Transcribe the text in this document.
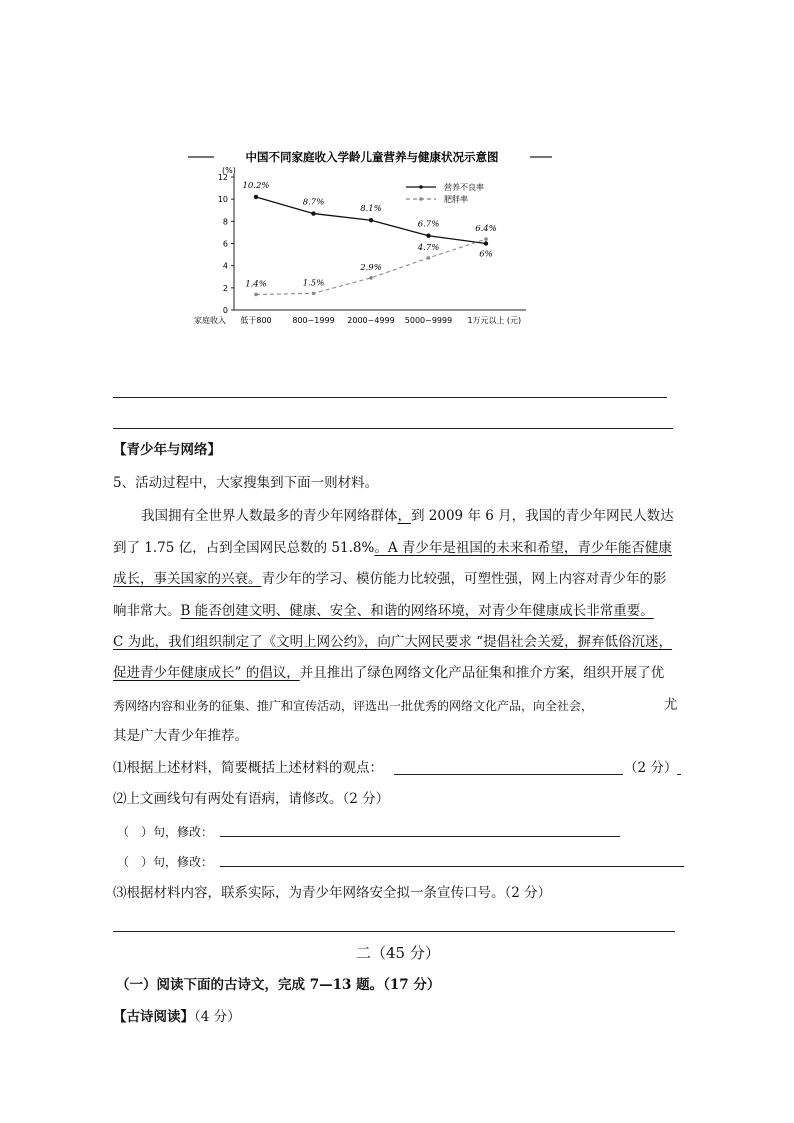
中国不同家庭收入学龄儿童营养与健康状况示意图
(%)
0
2
4
6
8
10
12
家庭收入 低于800	800~1999 2000~4999 5000~9999 1万元以上 (元)
10.2%
8.7%
8.1%
6.7%
6%
1.4%	1.5%
2.9%
4.7%
6.4%
营养不良率
肥胖率
【青少年与网络】
5、活动过程中，大家搜集到下面一则材料。
我国拥有全世界人数最多的青少年网络群体，到 2009 年 6 月，我国的青少年网民人数达
到了 1.75 亿，占到全国网民总数的 51.8%。A 青少年是祖国的未来和希望，青少年能否健康
成长，事关国家的兴衰。青少年的学习、模仿能力比较强，可塑性强，网上内容对青少年的影
响非常大。B 能否创建文明、健康、安全、和谐的网络环境，对青少年健康成长非常重要。
C 为此，我们组织制定了《文明上网公约》，向广大网民要求 “提倡社会关爱，摒弃低俗沉迷，
促进青少年健康成长” 的倡议，并且推出了绿色网络文化产品征集和推介方案，组织开展了优
秀网络内容和业务的征集、推广和宣传活动，评选出一批优秀的网络文化产品，向全社会，	尤
其是广大青少年推荐。
⑴根据上述材料，简要概括上述材料的观点：	（2 分）
⑵上文画线句有两处有语病，请修改。（2 分）
（　）句，修改：
（　）句，修改：
⑶根据材料内容，联系实际，为青少年网络安全拟一条宣传口号。（2 分）
二（45 分）
（一）阅读下面的古诗文，完成 7—13 题。（17 分）
【古诗阅读】（4 分）
